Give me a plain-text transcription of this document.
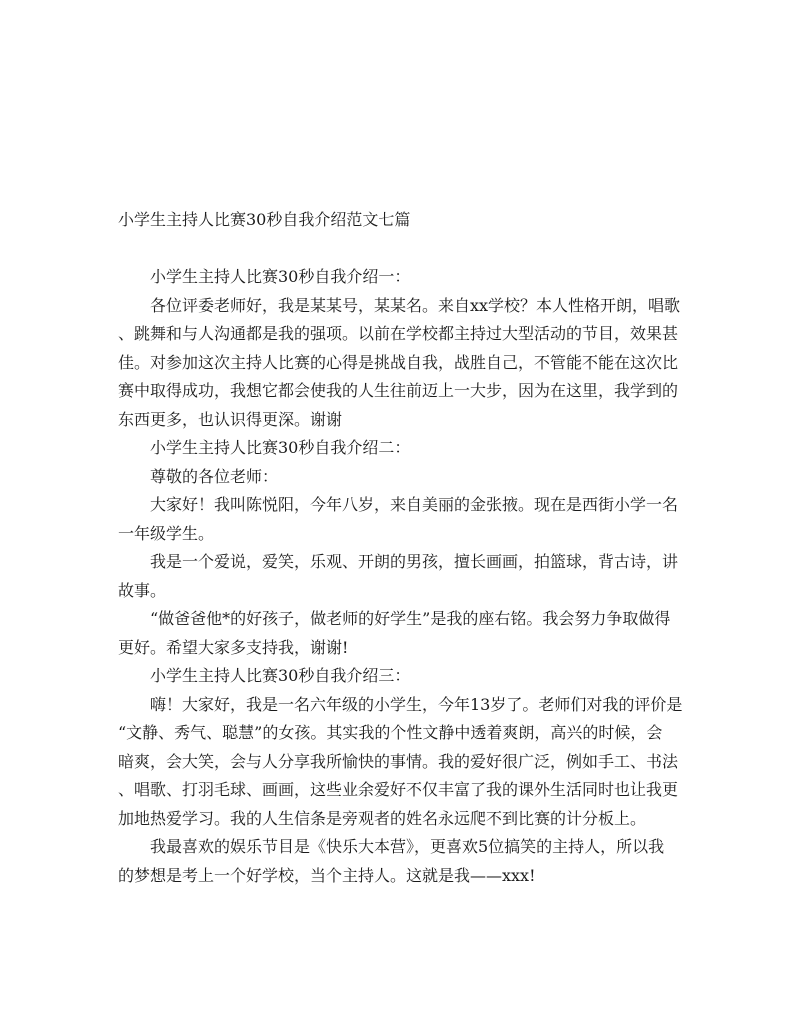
小学生主持人比赛30秒自我介绍范文七篇

小学生主持人比赛30秒自我介绍一：

各位评委老师好，我是某某号，某某名。来自xx学校？本人性格开朗，唱歌
、跳舞和与人沟通都是我的强项。以前在学校都主持过大型活动的节目，效果甚
佳。对参加这次主持人比赛的心得是挑战自我，战胜自己，不管能不能在这次比
赛中取得成功，我想它都会使我的人生往前迈上一大步，因为在这里，我学到的
东西更多，也认识得更深。谢谢

小学生主持人比赛30秒自我介绍二：

尊敬的各位老师：

大家好！我叫陈悦阳，今年八岁，来自美丽的金张掖。现在是西街小学一名
一年级学生。

我是一个爱说，爱笑，乐观、开朗的男孩，擅长画画，拍篮球，背古诗，讲
故事。

“做爸爸他*的好孩子，做老师的好学生”是我的座右铭。我会努力争取做得
更好。希望大家多支持我，谢谢!

小学生主持人比赛30秒自我介绍三：

嗨！大家好，我是一名六年级的小学生，今年13岁了。老师们对我的评价是
“文静、秀气、聪慧”的女孩。其实我的个性文静中透着爽朗，高兴的时候，会
暗爽，会大笑，会与人分享我所愉快的事情。我的爱好很广泛，例如手工、书法
、唱歌、打羽毛球、画画，这些业余爱好不仅丰富了我的课外生活同时也让我更
加地热爱学习。我的人生信条是旁观者的姓名永远爬不到比赛的计分板上。

我最喜欢的娱乐节目是《快乐大本营》，更喜欢5位搞笑的主持人，所以我
的梦想是考上一个好学校，当个主持人。这就是我——xxx!
